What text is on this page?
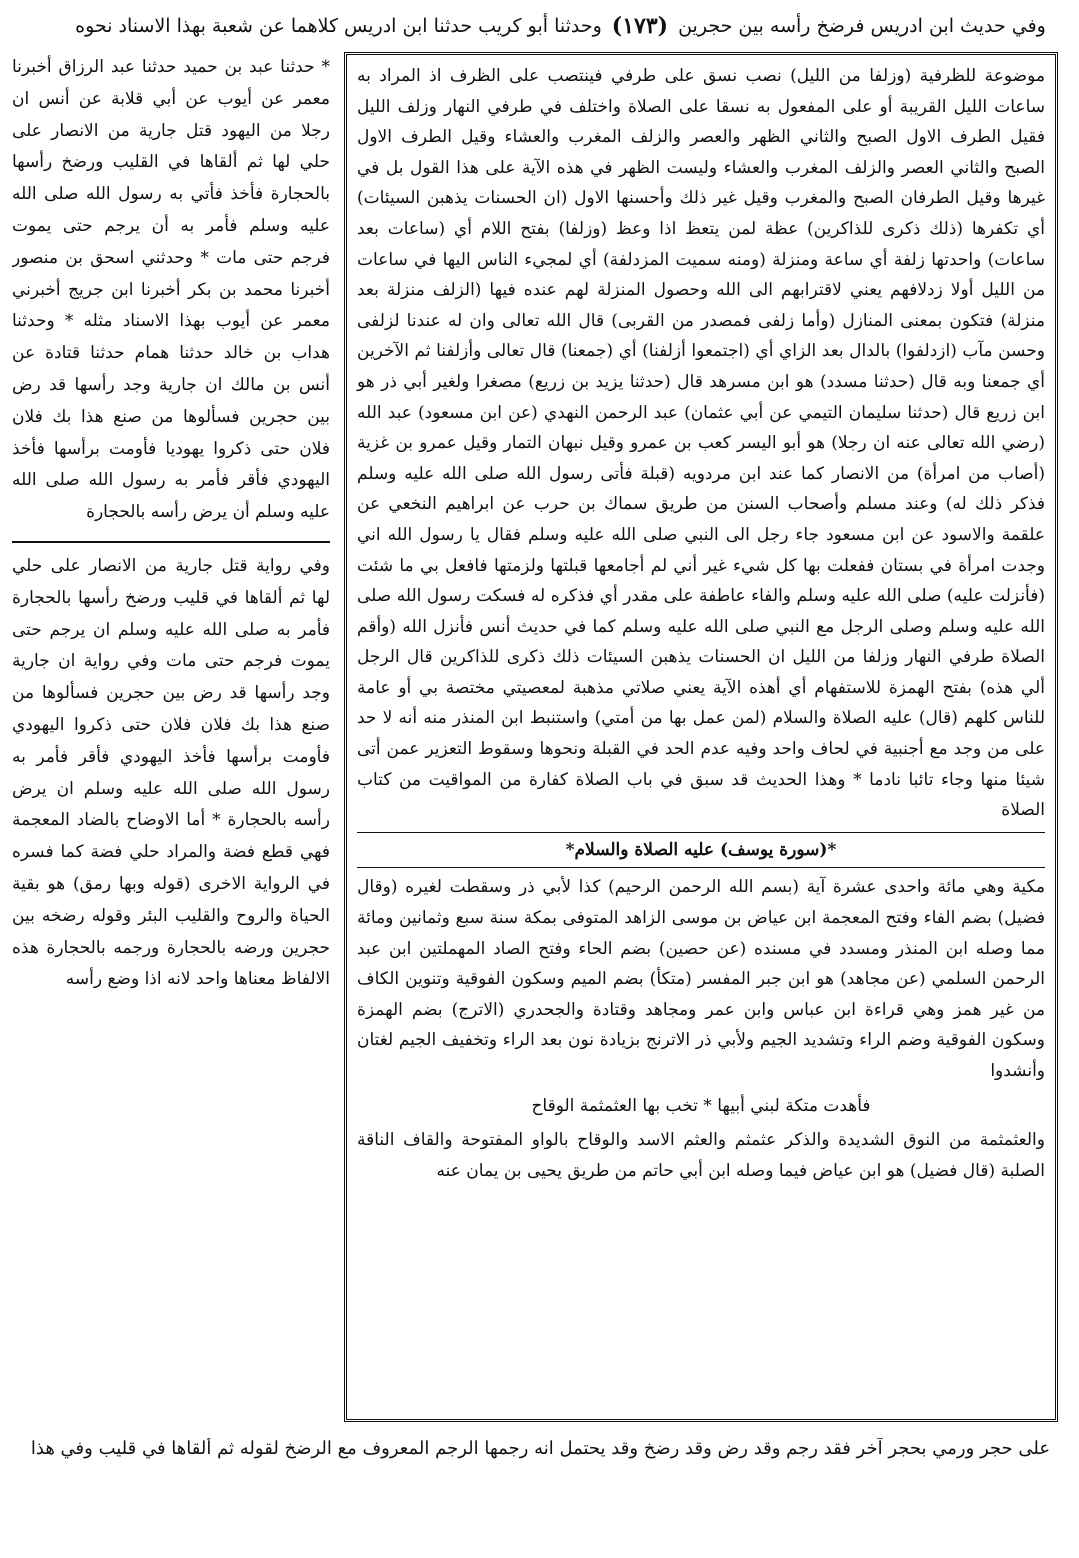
وفي حديث ابن ادريس فرضخ رأسه بين حجرين
(١٧٣)
وحدثنا أبو كريب حدثنا ابن ادريس كلاهما عن شعبة بهذا الاسناد نحوه

موضوعة للظرفية (وزلفا من الليل) نصب نسق على طرفي فينتصب على الظرف اذ المراد به ساعات الليل القريبة أو على المفعول به نسقا على الصلاة واختلف في طرفي النهار وزلف الليل فقيل الطرف الاول الصبح والثاني الظهر والعصر والزلف المغرب والعشاء وقيل الطرف الاول الصبح والثاني العصر والزلف المغرب والعشاء وليست الظهر في هذه الآية على هذا القول بل في غيرها وقيل الطرفان الصبح والمغرب وقيل غير ذلك وأحسنها الاول (ان الحسنات يذهبن السيئات) أي تكفرها (ذلك ذكرى للذاكرين) عظة لمن يتعظ اذا وعظ (وزلفا) بفتح اللام أي (ساعات بعد ساعات) واحدتها زلفة أي ساعة ومنزلة (ومنه سميت المزدلفة) أي لمجيء الناس اليها في ساعات من الليل أولا زدلافهم يعني لاقترابهم الى الله وحصول المنزلة لهم عنده فيها (الزلف منزلة بعد منزلة) فتكون بمعنى المنازل (وأما زلفى فمصدر من القربى) قال الله تعالى وان له عندنا لزلفى وحسن مآب (ازدلفوا) بالدال بعد الزاي أي (اجتمعوا أزلفنا) أي (جمعنا) قال تعالى وأزلفنا ثم الآخرين أي جمعنا وبه قال (حدثنا مسدد) هو ابن مسرهد قال (حدثنا يزيد بن زريع) مصغرا ولغير أبي ذر هو ابن زريع قال (حدثنا سليمان التيمي عن أبي عثمان) عبد الرحمن النهدي (عن ابن مسعود) عبد الله (رضي الله تعالى عنه ان رجلا) هو أبو اليسر كعب بن عمرو وقيل نبهان التمار وقيل عمرو بن غزية (أصاب من امرأة) من الانصار كما عند ابن مردويه (قبلة فأتى رسول الله صلى الله عليه وسلم فذكر ذلك له) وعند مسلم وأصحاب السنن من طريق سماك بن حرب عن ابراهيم النخعي عن علقمة والاسود عن ابن مسعود جاء رجل الى النبي صلى الله عليه وسلم فقال يا رسول الله اني وجدت امرأة في بستان ففعلت بها كل شيء غير أني لم أجامعها قبلتها ولزمتها فافعل بي ما شئت (فأنزلت عليه) صلى الله عليه وسلم والفاء عاطفة على مقدر أي فذكره له فسكت رسول الله صلى الله عليه وسلم وصلى الرجل مع النبي صلى الله عليه وسلم كما في حديث أنس فأنزل الله (وأقم الصلاة طرفي النهار وزلفا من الليل ان الحسنات يذهبن السيئات ذلك ذكرى للذاكرين قال الرجل ألي هذه) بفتح الهمزة للاستفهام أي أهذه الآية يعني صلاتي مذهبة لمعصيتي مختصة بي أو عامة للناس كلهم (قال) عليه الصلاة والسلام (لمن عمل بها من أمتي) واستنبط ابن المنذر منه أنه لا حد على من وجد مع أجنبية في لحاف واحد وفيه عدم الحد في القبلة ونحوها وسقوط التعزير عمن أتى شيئا منها وجاء تائبا نادما * وهذا الحديث قد سبق في باب الصلاة كفارة من المواقيت من كتاب الصلاة

*(سورة يوسف) عليه الصلاة والسلام*

مكية وهي مائة واحدى عشرة آية (بسم الله الرحمن الرحيم) كذا لأبي ذر وسقطت لغيره (وقال فضيل) بضم الفاء وفتح المعجمة ابن عياض بن موسى الزاهد المتوفى بمكة سنة سبع وثمانين ومائة مما وصله ابن المنذر ومسدد في مسنده (عن حصين) بضم الحاء وفتح الصاد المهملتين ابن عبد الرحمن السلمي (عن مجاهد) هو ابن جبر المفسر (متكأ) بضم الميم وسكون الفوقية وتنوين الكاف من غير همز وهي قراءة ابن عباس وابن عمر ومجاهد وقتادة والجحدري (الاترج) بضم الهمزة وسكون الفوقية وضم الراء وتشديد الجيم ولأبي ذر الاترنج بزيادة نون بعد الراء وتخفيف الجيم لغتان وأنشدوا

فأهدت متكة لبني أبيها * تخب بها العثمثمة الوقاح

والعثمثمة من النوق الشديدة والذكر عثمثم والعثم الاسد والوقاح بالواو المفتوحة والقاف الناقة الصلبة (قال فضيل) هو ابن عياض فيما وصله ابن أبي حاتم من طريق يحيى بن يمان عنه

* حدثنا عبد بن حميد حدثنا عبد الرزاق أخبرنا معمر عن أيوب عن أبي قلابة عن أنس ان رجلا من اليهود قتل جارية من الانصار على حلي لها ثم ألقاها في القليب ورضخ رأسها بالحجارة فأخذ فأتي به رسول الله صلى الله عليه وسلم فأمر به أن يرجم حتى يموت فرجم حتى مات * وحدثني اسحق بن منصور أخبرنا محمد بن بكر أخبرنا ابن جريج أخبرني معمر عن أيوب بهذا الاسناد مثله * وحدثنا هداب بن خالد حدثنا همام حدثنا قتادة عن أنس بن مالك ان جارية وجد رأسها قد رض بين حجرين فسألوها من صنع هذا بك فلان فلان حتى ذكروا يهوديا فأومت برأسها فأخذ اليهودي فأقر فأمر به رسول الله صلى الله عليه وسلم أن يرض رأسه بالحجارة

وفي رواية قتل جارية من الانصار على حلي لها ثم ألقاها في قليب ورضخ رأسها بالحجارة فأمر به صلى الله عليه وسلم ان يرجم حتى يموت فرجم حتى مات وفي رواية ان جارية وجد رأسها قد رض بين حجرين فسألوها من صنع هذا بك فلان فلان حتى ذكروا اليهودي فأومت برأسها فأخذ اليهودي فأقر فأمر به رسول الله صلى الله عليه وسلم ان يرض رأسه بالحجارة * أما الاوضاح بالضاد المعجمة فهي قطع فضة والمراد حلي فضة كما فسره في الرواية الاخرى (قوله وبها رمق) هو بقية الحياة والروح والقليب البئر وقوله رضخه بين حجرين ورضه بالحجارة ورجمه بالحجارة هذه الالفاظ معناها واحد لانه اذا وضع رأسه

على حجر ورمي بحجر آخر فقد رجم وقد رض وقد رضخ وقد يحتمل انه رجمها الرجم المعروف مع الرضخ لقوله ثم ألقاها في قليب وفي هذا
